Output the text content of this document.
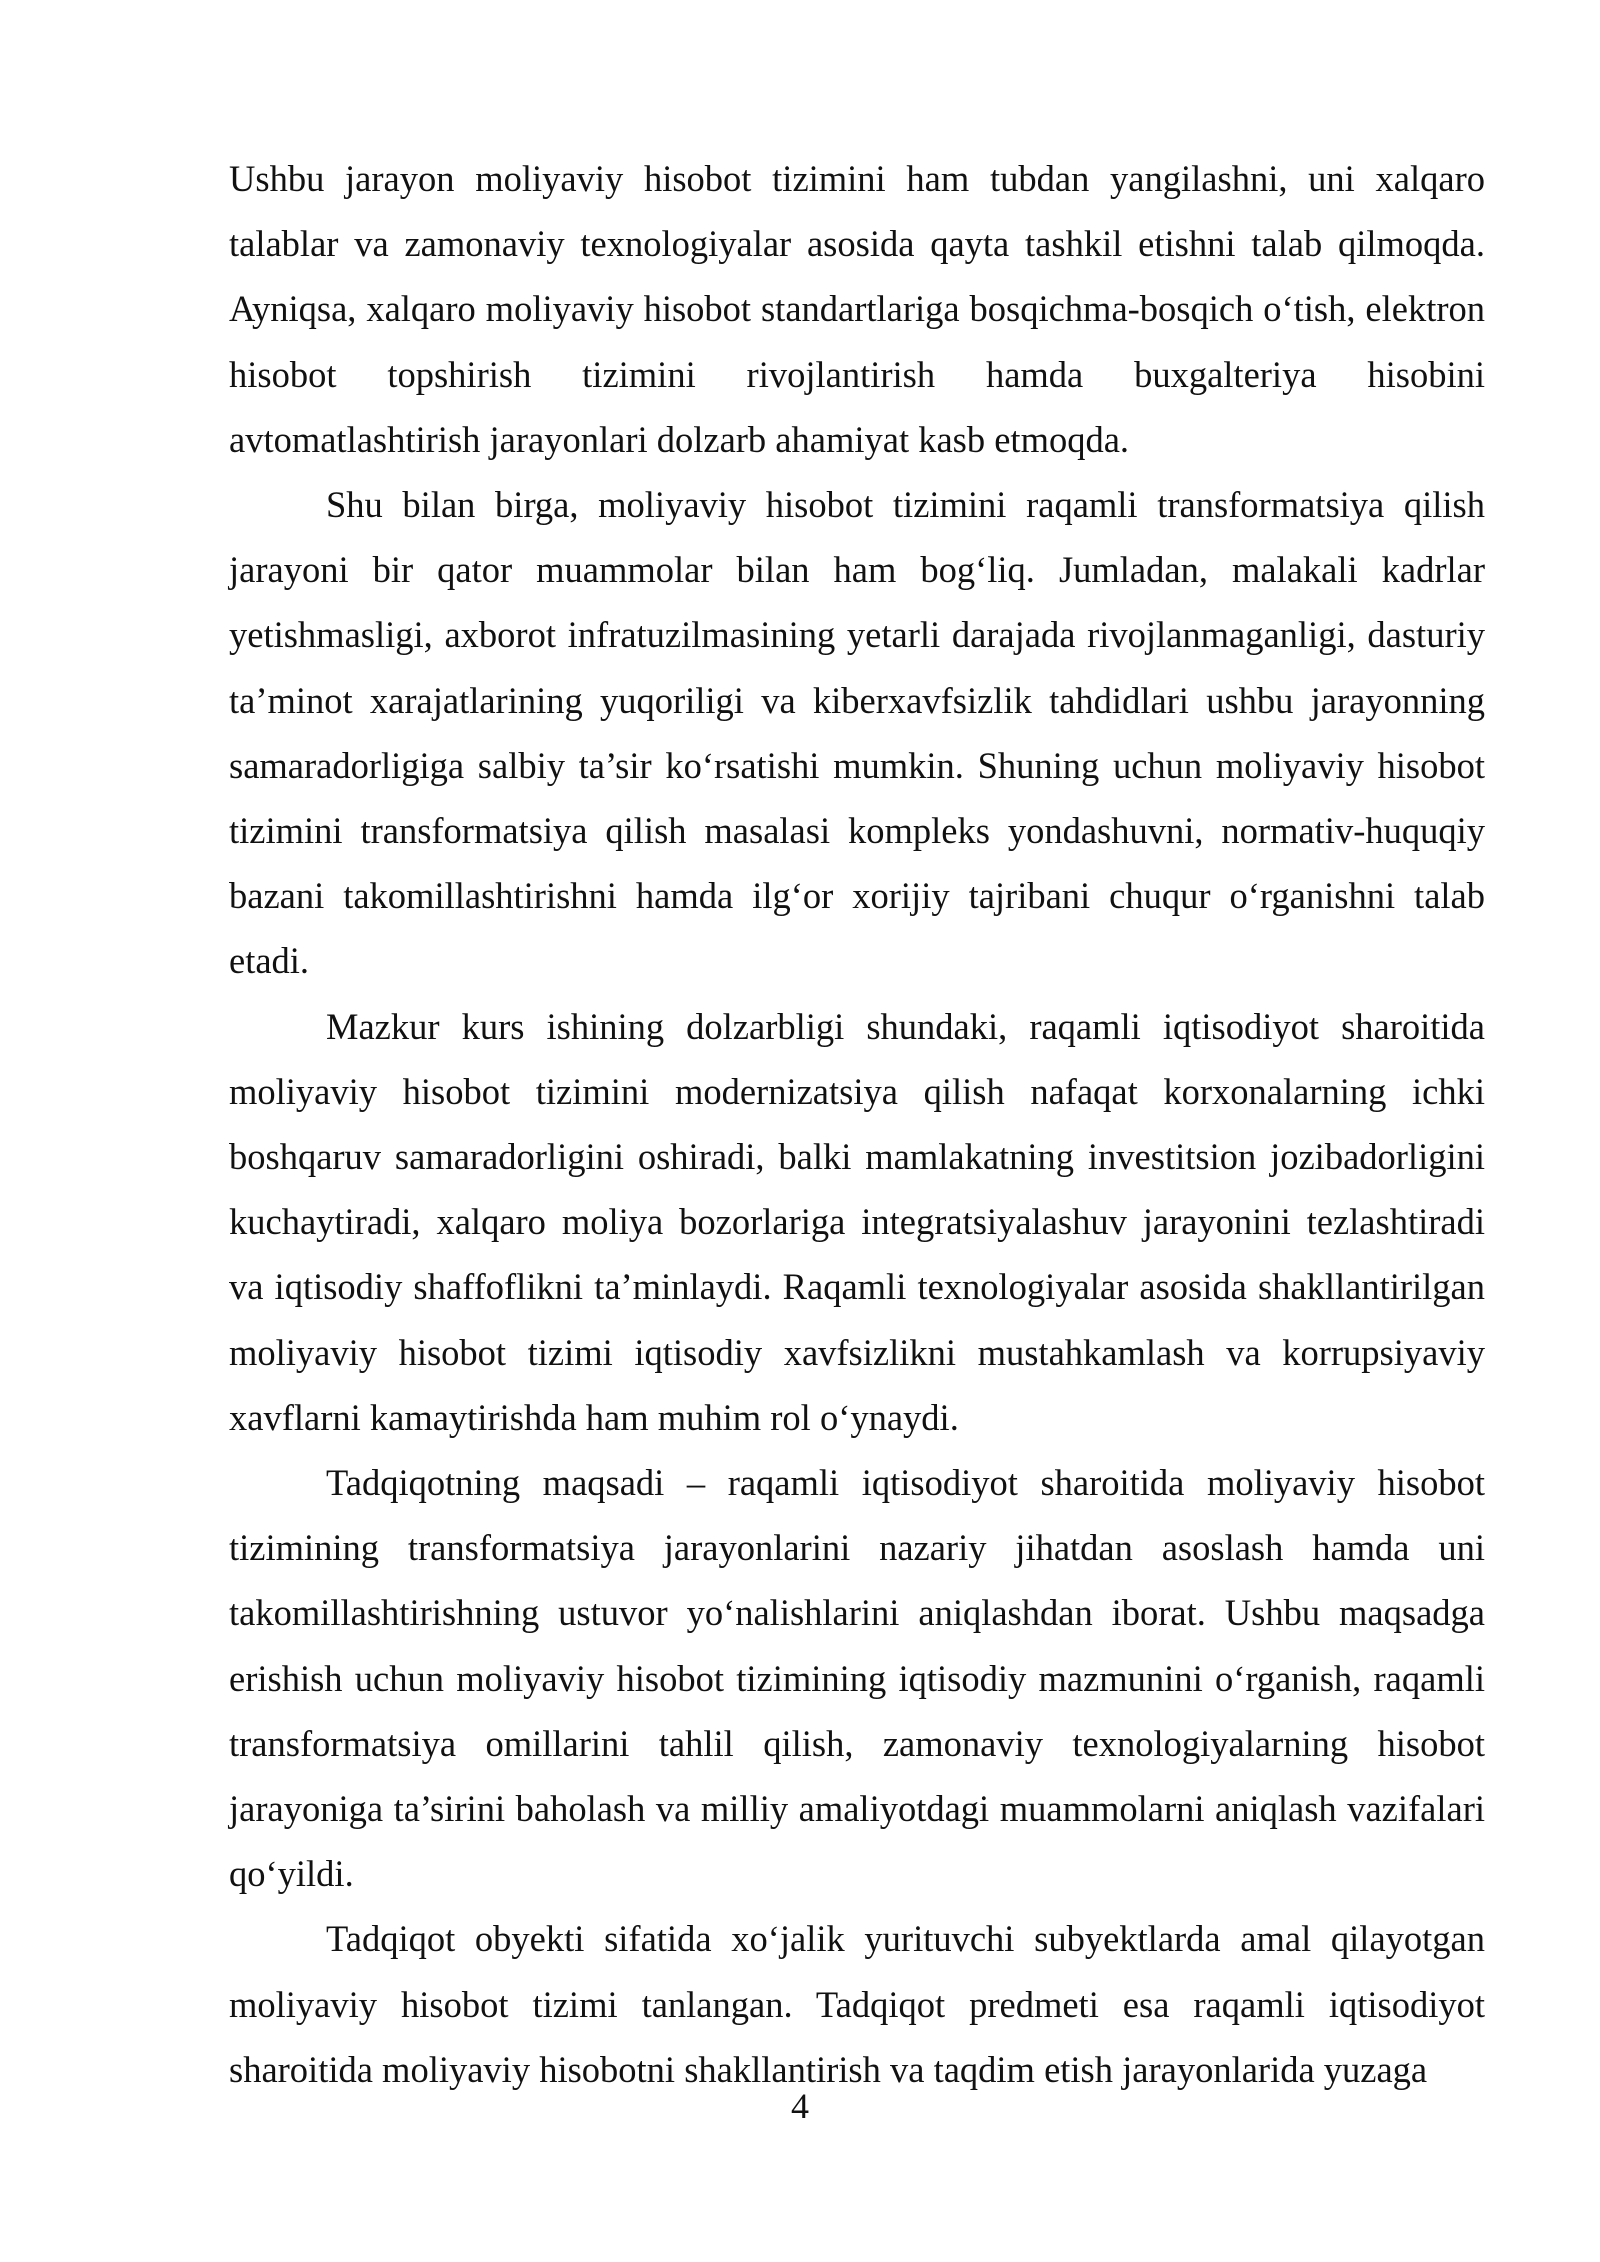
Ushbu jarayon moliyaviy hisobot tizimini ham tubdan yangilashni, uni xalqaro talablar va zamonaviy texnologiyalar asosida qayta tashkil etishni talab qilmoqda. Ayniqsa, xalqaro moliyaviy hisobot standartlariga bosqichma-bosqich o‘tish, elektron hisobot topshirish tizimini rivojlantirish hamda buxgalteriya hisobini avtomatlashtirish jarayonlari dolzarb ahamiyat kasb etmoqda.

Shu bilan birga, moliyaviy hisobot tizimini raqamli transformatsiya qilish jarayoni bir qator muammolar bilan ham bog‘liq. Jumladan, malakali kadrlar yetishmasligi, axborot infratuzilmasining yetarli darajada rivojlanmaganligi, dasturiy ta’minot xarajatlarining yuqoriligi va kiberxavfsizlik tahdidlari ushbu jarayonning samaradorligiga salbiy ta’sir ko‘rsatishi mumkin. Shuning uchun moliyaviy hisobot tizimini transformatsiya qilish masalasi kompleks yondashuvni, normativ-huquqiy bazani takomillashtirishni hamda ilg‘or xorijiy tajribani chuqur o‘rganishni talab etadi.

Mazkur kurs ishining dolzarbligi shundaki, raqamli iqtisodiyot sharoitida moliyaviy hisobot tizimini modernizatsiya qilish nafaqat korxonalarning ichki boshqaruv samaradorligini oshiradi, balki mamlakatning investitsion jozibadorligini kuchaytiradi, xalqaro moliya bozorlariga integratsiyalashuv jarayonini tezlashtiradi va iqtisodiy shaffoflikni ta’minlaydi. Raqamli texnologiyalar asosida shakllantirilgan moliyaviy hisobot tizimi iqtisodiy xavfsizlikni mustahkamlash va korrupsiyaviy xavflarni kamaytirishda ham muhim rol o‘ynaydi.

Tadqiqotning maqsadi – raqamli iqtisodiyot sharoitida moliyaviy hisobot tizimining transformatsiya jarayonlarini nazariy jihatdan asoslash hamda uni takomillashtirishning ustuvor yo‘nalishlarini aniqlashdan iborat. Ushbu maqsadga erishish uchun moliyaviy hisobot tizimining iqtisodiy mazmunini o‘rganish, raqamli transformatsiya omillarini tahlil qilish, zamonaviy texnologiyalarning hisobot jarayoniga ta’sirini baholash va milliy amaliyotdagi muammolarni aniqlash vazifalari qo‘yildi.

Tadqiqot obyekti sifatida xo‘jalik yurituvchi subyektlarda amal qilayotgan moliyaviy hisobot tizimi tanlangan. Tadqiqot predmeti esa raqamli iqtisodiyot sharoitida moliyaviy hisobotni shakllantirish va taqdim etish jarayonlarida yuzaga

4
